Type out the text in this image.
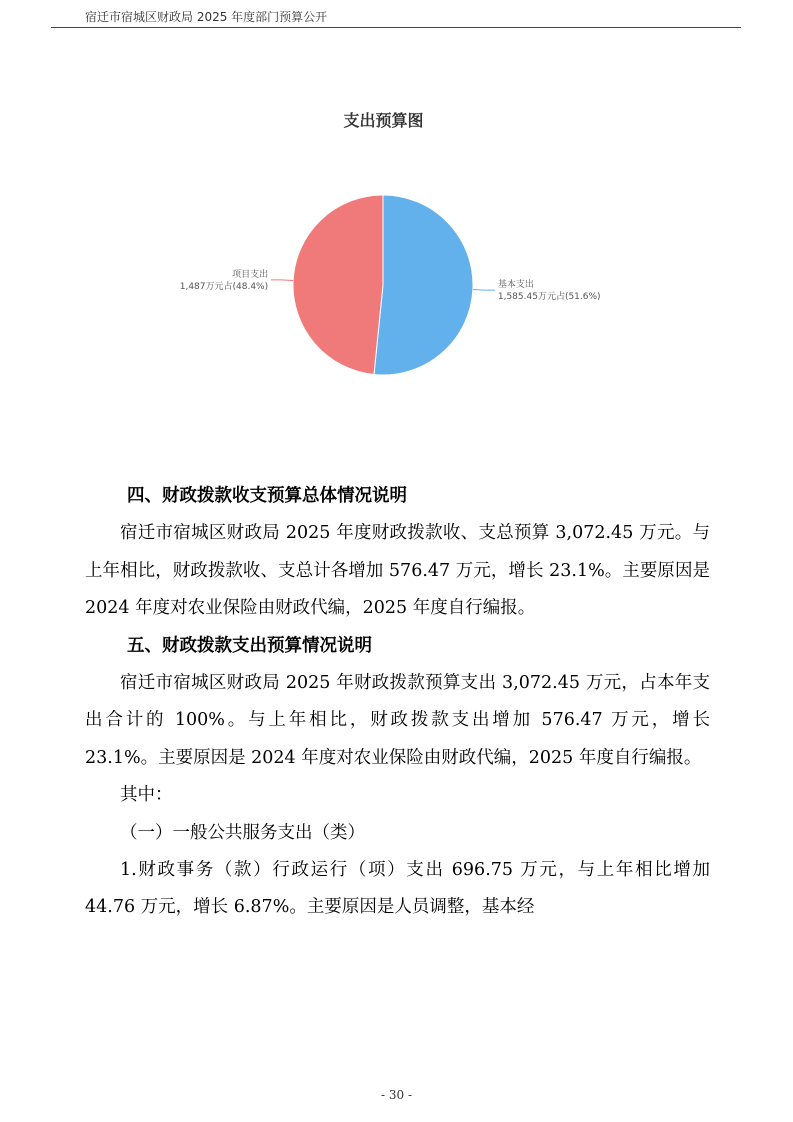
宿迁市宿城区财政局 2025 年度部门预算公开
支出预算图
基本支出
1,585.45万元占(51.6%)
项目支出
1,487万元占(48.4%)

四、财政拨款收支预算总体情况说明

宿迁市宿城区财政局 2025 年度财政拨款收、支总预算 3,072.45 万元。与上年相比，财政拨款收、支总计各增加 576.47 万元，增长 23.1%。主要原因是 2024 年度对农业保险由财政代编，2025 年度自行编报。

五、财政拨款支出预算情况说明

宿迁市宿城区财政局 2025 年财政拨款预算支出 3,072.45 万元，占本年支出合计的 100%。与上年相比，财政拨款支出增加 576.47 万元，增长 23.1%。主要原因是 2024 年度对农业保险由财政代编，2025 年度自行编报。

其中：

（一）一般公共服务支出（类）

1.财政事务（款）行政运行（项）支出 696.75 万元，与上年相比增加 44.76 万元，增长 6.87%。主要原因是人员调整，基本经

- 30 -
